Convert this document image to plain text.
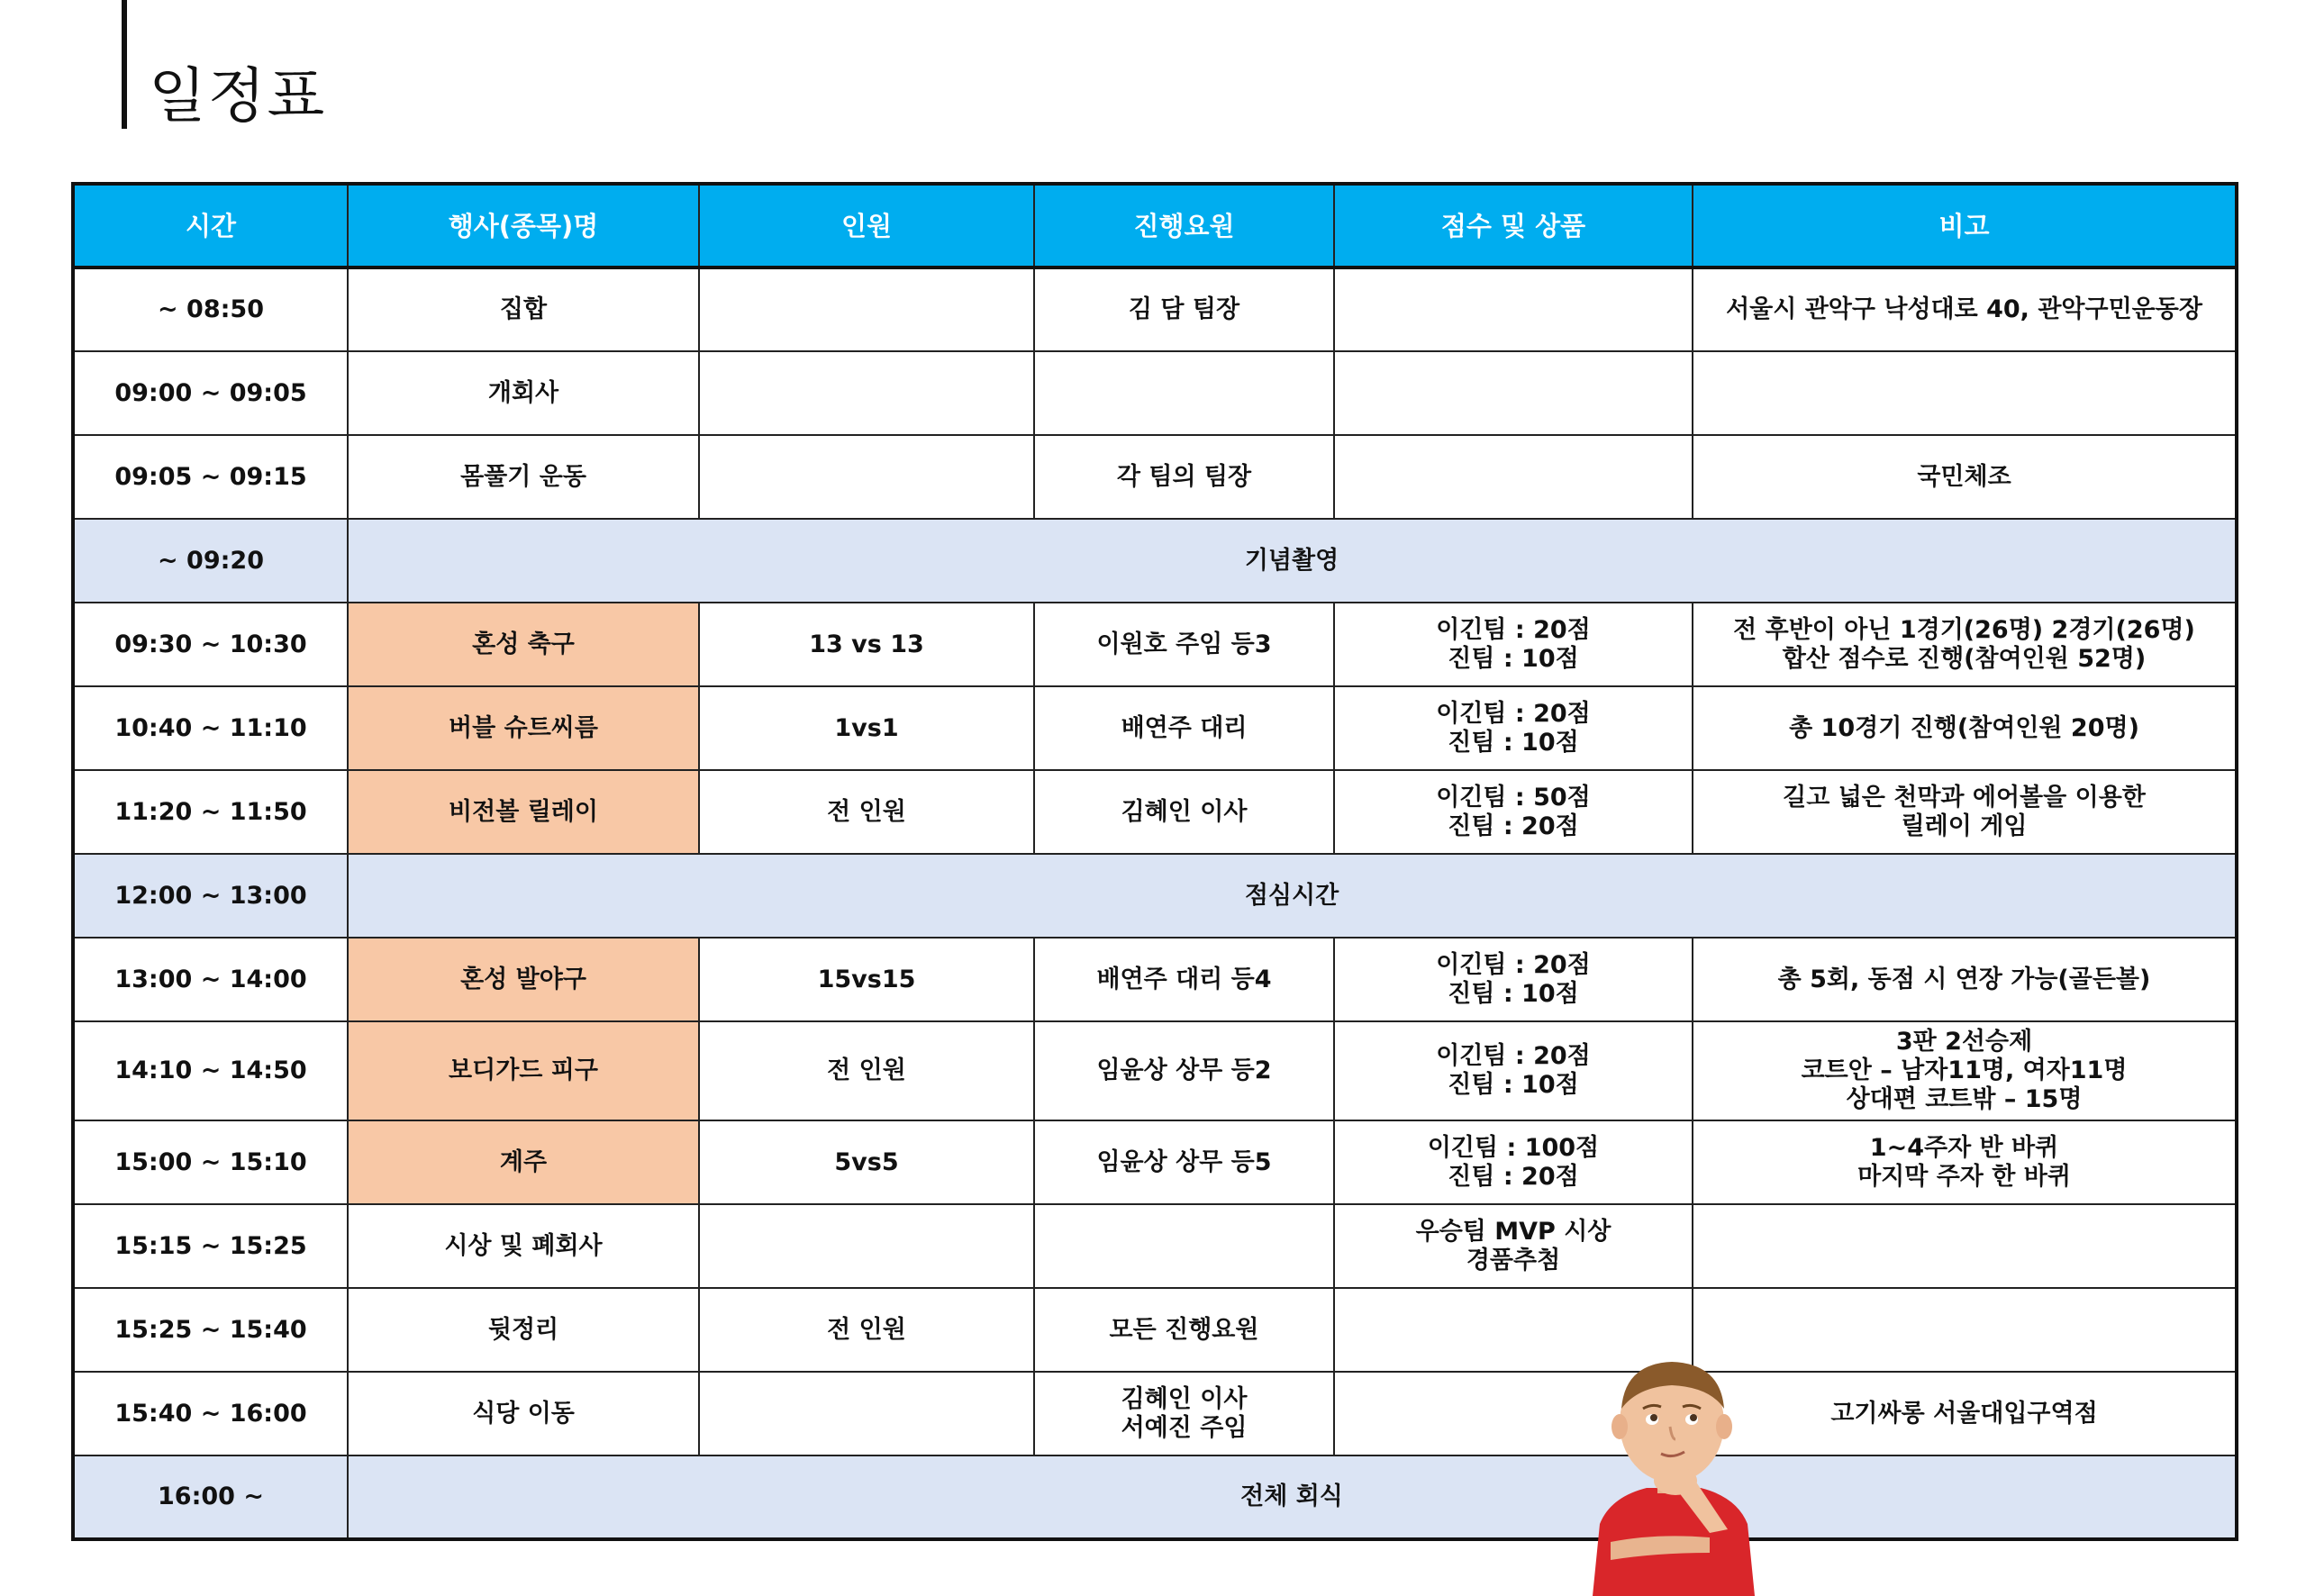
일정표
시간	행사(종목)명	인원	진행요원	점수 및 상품	비고
~ 08:50	집합		김 담 팀장		서울시 관악구 낙성대로 40, 관악구민운동장

09:00 ~ 09:05	개회사				
09:05 ~ 09:15	몸풀기 운동		각 팀의 팀장		국민체조

~ 09:20	기념촬영				
09:30 ~ 10:30	혼성 축구	13 vs 13	이원호 주임 등3	이긴팀 : 20점
진팀 : 10점	전 후반이 아닌 1경기(26명) 2경기(26명)
합산 점수로 진행(참여인원 52명)

10:40 ~ 11:10	버블 슈트씨름	1vs1	배연주 대리	이긴팀 : 20점
진팀 : 10점	총 10경기 진행(참여인원 20명)

11:20 ~ 11:50	비전볼 릴레이	전 인원	김혜인 이사	이긴팀 : 50점
진팀 : 20점	길고 넓은 천막과 에어볼을 이용한
릴레이 게임

12:00 ~ 13:00	점심시간				
13:00 ~ 14:00	혼성 발야구	15vs15	배연주 대리 등4	이긴팀 : 20점
진팀 : 10점	총 5회, 동점 시 연장 가능(골든볼)

14:10 ~ 14:50	보디가드 피구	전 인원	임윤상 상무 등2	이긴팀 : 20점
진팀 : 10점	3판 2선승제
코트안 – 남자11명, 여자11명
상대편 코트밖 – 15명

15:00 ~ 15:10	계주	5vs5	임윤상 상무 등5	이긴팀 : 100점
진팀 : 20점	1~4주자 반 바퀴
마지막 주자 한 바퀴

15:15 ~ 15:25	시상 및 폐회사			우승팀 MVP 시상
경품추첨	

15:25 ~ 15:40	뒷정리	전 인원	모든 진행요원		

15:40 ~ 16:00	식당 이동		김혜인 이사
서예진 주임		고기싸롱 서울대입구역점

16:00 ~	전체 회식				
